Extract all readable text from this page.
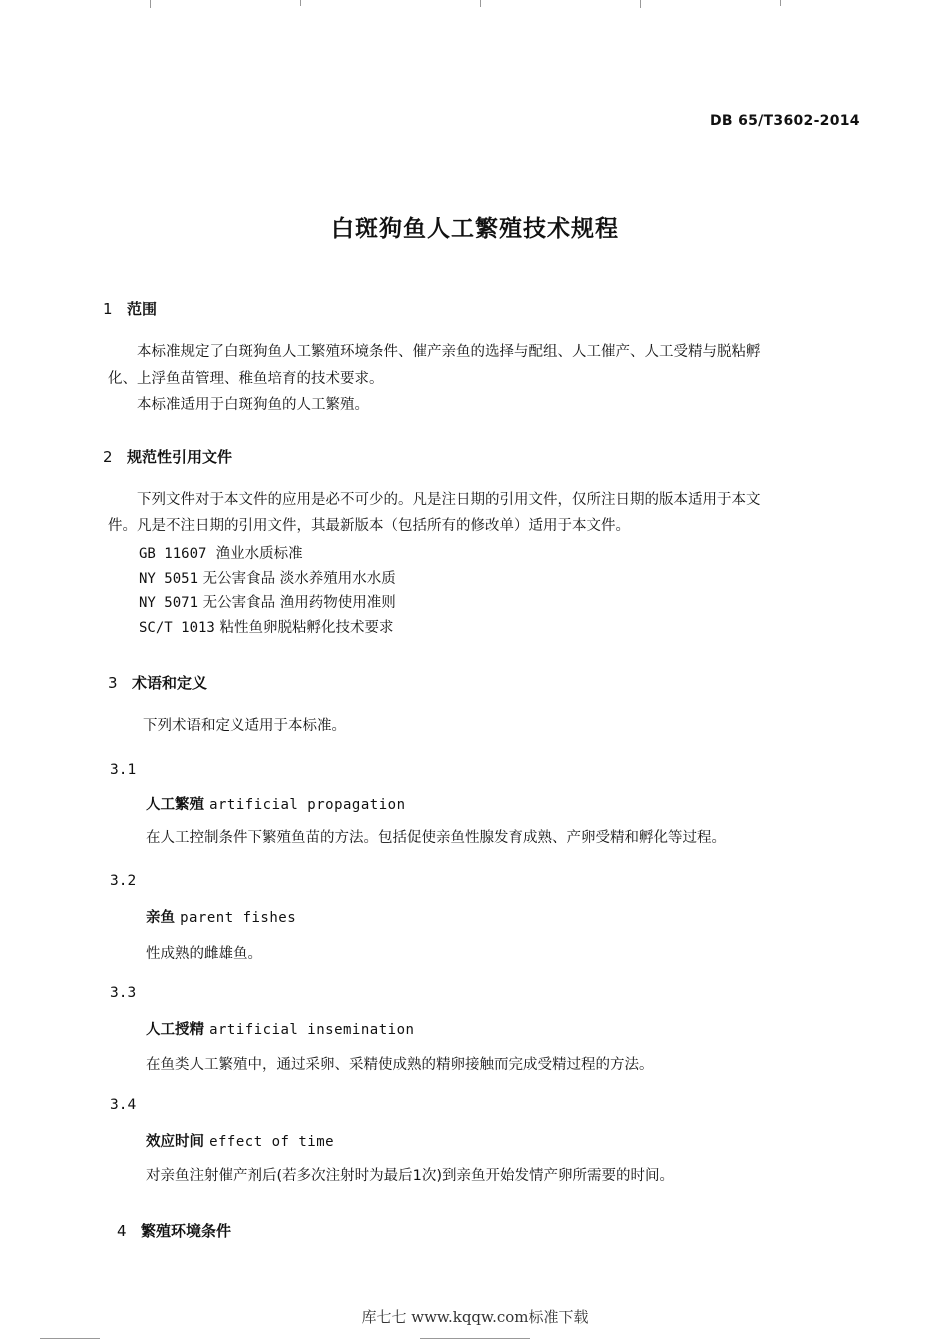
DB 65/T3602-2014
白斑狗鱼人工繁殖技术规程
1 范围
本标准规定了白斑狗鱼人工繁殖环境条件、催产亲鱼的选择与配组、人工催产、人工受精与脱粘孵
化、上浮鱼苗管理、稚鱼培育的技术要求。
本标准适用于白斑狗鱼的人工繁殖。
2 规范性引用文件
下列文件对于本文件的应用是必不可少的。凡是注日期的引用文件，仅所注日期的版本适用于本文
件。凡是不注日期的引用文件，其最新版本（包括所有的修改单）适用于本文件。
GB 11607 渔业水质标准
NY 5051 无公害食品 淡水养殖用水水质
NY 5071 无公害食品 渔用药物使用准则
SC/T 1013 粘性鱼卵脱粘孵化技术要求
3 术语和定义
下列术语和定义适用于本标准。
3.1
人工繁殖 artificial propagation
在人工控制条件下繁殖鱼苗的方法。包括促使亲鱼性腺发育成熟、产卵受精和孵化等过程。
3.2
亲鱼 parent fishes
性成熟的雌雄鱼。
3.3
人工授精 artificial insemination
在鱼类人工繁殖中，通过采卵、采精使成熟的精卵接触而完成受精过程的方法。
3.4
效应时间 effect of time
对亲鱼注射催产剂后(若多次注射时为最后1次)到亲鱼开始发情产卵所需要的时间。
4 繁殖环境条件
库七七 www.kqqw.com标准下载
